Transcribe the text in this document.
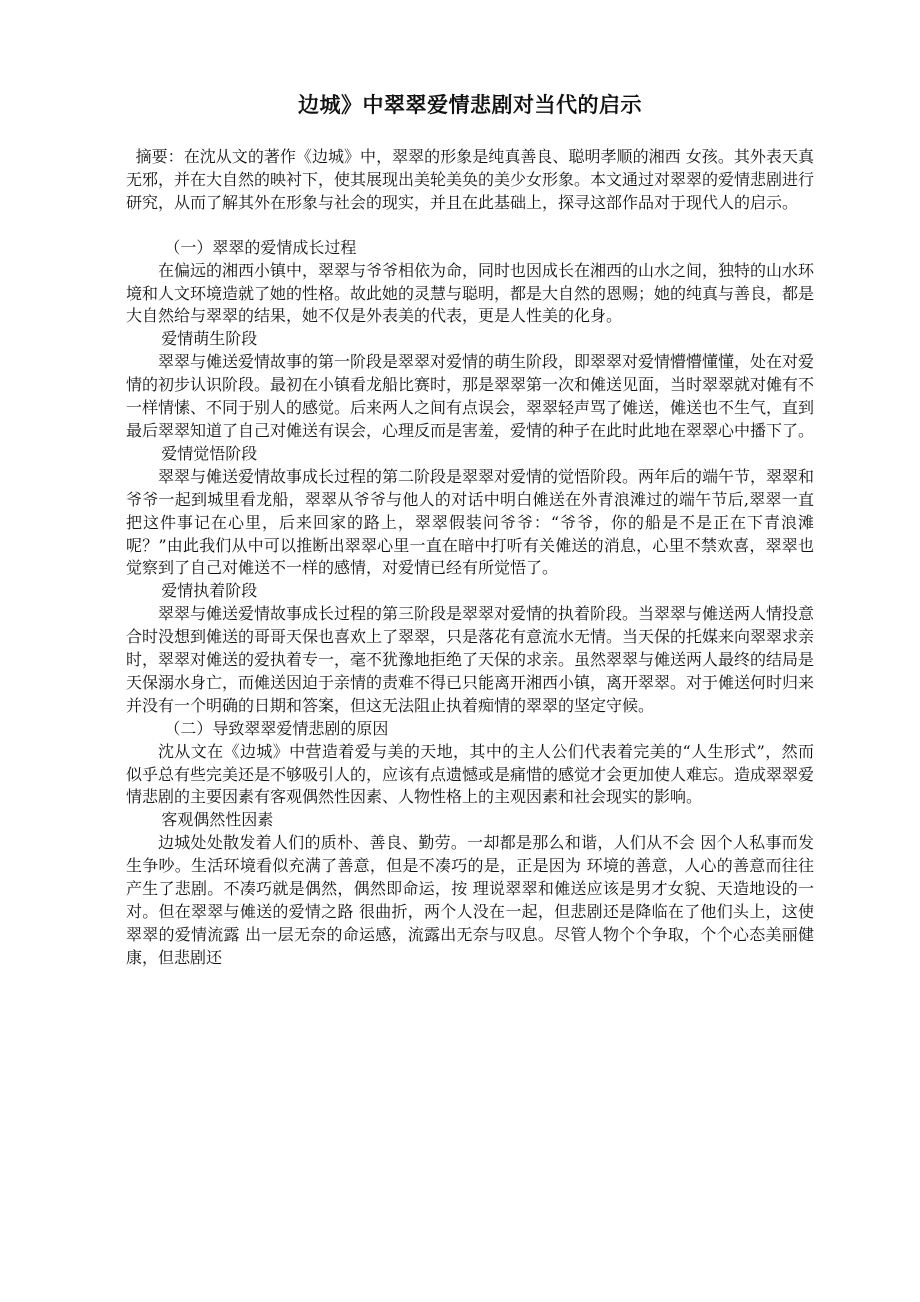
边城》中翠翠爱情悲剧对当代的启示

摘要：在沈从文的著作《边城》中，翠翠的形象是纯真善良、聪明孝顺的湘西 女孩。其外表天真无邪，并在大自然的映衬下，使其展现出美轮美奂的美少女形象。本文通过对翠翠的爱情悲剧进行研究，从而了解其外在形象与社会的现实，并且在此基础上，探寻这部作品对于现代人的启示。

（一）翠翠的爱情成长过程

在偏远的湘西小镇中，翠翠与爷爷相依为命，同时也因成长在湘西的山水之间，独特的山水环境和人文环境造就了她的性格。故此她的灵慧与聪明，都是大自然的恩赐；她的纯真与善良，都是大自然给与翠翠的结果，她不仅是外表美的代表，更是人性美的化身。

爱情萌生阶段

翠翠与傩送爱情故事的第一阶段是翠翠对爱情的萌生阶段，即翠翠对爱情懵懵懂懂，处在对爱情的初步认识阶段。最初在小镇看龙船比赛时，那是翠翠第一次和傩送见面，当时翠翠就对傩有不一样情愫、不同于别人的感觉。后来两人之间有点误会，翠翠轻声骂了傩送，傩送也不生气，直到最后翠翠知道了自己对傩送有误会，心理反而是害羞，爱情的种子在此时此地在翠翠心中播下了。

爱情觉悟阶段

翠翠与傩送爱情故事成长过程的第二阶段是翠翠对爱情的觉悟阶段。两年后的端午节，翠翠和爷爷一起到城里看龙船，翠翠从爷爷与他人的对话中明白傩送在外青浪滩过的端午节后,翠翠一直把这件事记在心里，后来回家的路上，翠翠假装问爷爷：“爷爷，你的船是不是正在下青浪滩呢？”由此我们从中可以推断出翠翠心里一直在暗中打听有关傩送的消息，心里不禁欢喜，翠翠也觉察到了自己对傩送不一样的感情，对爱情已经有所觉悟了。

爱情执着阶段

翠翠与傩送爱情故事成长过程的第三阶段是翠翠对爱情的执着阶段。当翠翠与傩送两人情投意合时没想到傩送的哥哥天保也喜欢上了翠翠，只是落花有意流水无情。当天保的托媒来向翠翠求亲时，翠翠对傩送的爱执着专一，毫不犹豫地拒绝了天保的求亲。虽然翠翠与傩送两人最终的结局是天保溺水身亡，而傩送因迫于亲情的责难不得已只能离开湘西小镇，离开翠翠。对于傩送何时归来并没有一个明确的日期和答案，但这无法阻止执着痴情的翠翠的坚定守候。

（二）导致翠翠爱情悲剧的原因

沈从文在《边城》中营造着爱与美的天地，其中的主人公们代表着完美的“人生形式”，然而似乎总有些完美还是不够吸引人的，应该有点遗憾或是痛惜的感觉才会更加使人难忘。造成翠翠爱情悲剧的主要因素有客观偶然性因素、人物性格上的主观因素和社会现实的影响。

客观偶然性因素

边城处处散发着人们的质朴、善良、勤劳。一却都是那么和谐，人们从不会 因个人私事而发生争吵。生活环境看似充满了善意，但是不凑巧的是，正是因为 环境的善意，人心的善意而往往产生了悲剧。不凑巧就是偶然，偶然即命运，按 理说翠翠和傩送应该是男才女貌、天造地设的一对。但在翠翠与傩送的爱情之路 很曲折，两个人没在一起，但悲剧还是降临在了他们头上，这使翠翠的爱情流露 出一层无奈的命运感，流露出无奈与叹息。尽管人物个个争取，个个心态美丽健 康，但悲剧还
